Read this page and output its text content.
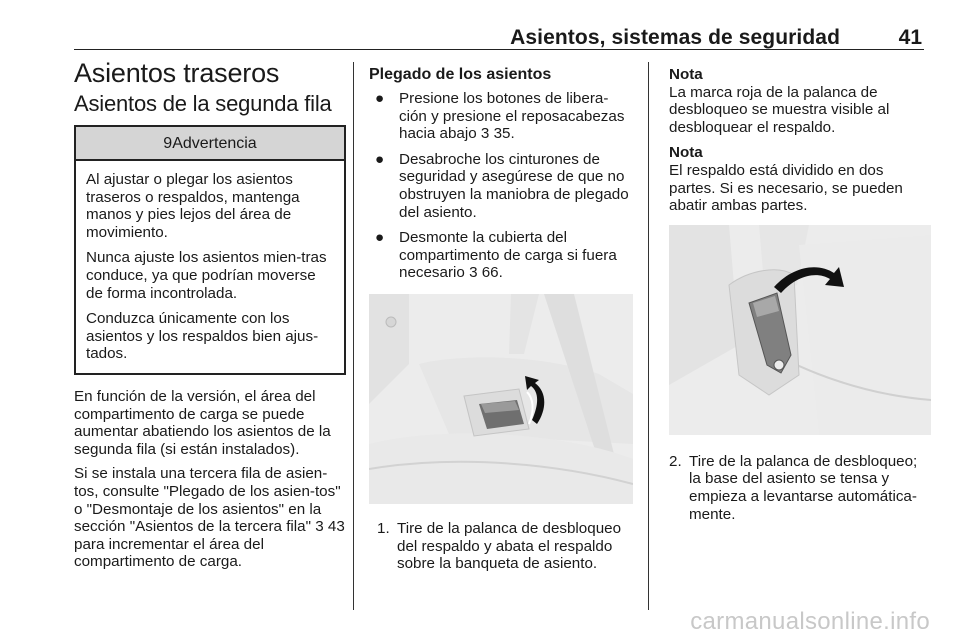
Asientos, sistemas de seguridad	41
Asientos traseros
Asientos de la segunda fila
9Advertencia

Al ajustar o plegar los asientos traseros o respaldos, mantenga manos y pies lejos del área de movimiento.

Nunca ajuste los asientos mien-tras conduce, ya que podrían moverse de forma incontrolada.

Conduzca únicamente con los asientos y los respaldos bien ajus-tados.

En función de la versión, el área del compartimento de carga se puede aumentar abatiendo los asientos de la segunda fila (si están instalados).

Si se instala una tercera fila de asien-tos, consulte "Plegado de los asien-tos" o "Desmontaje de los asientos" en la sección "Asientos de la tercera fila" 3 43 para incrementar el área del compartimento de carga.

Plegado de los asientos
● Presione los botones de libera-ción y presione el reposacabezas hacia abajo 3 35.
● Desabroche los cinturones de seguridad y asegúrese de que no obstruyen la maniobra de plegado del asiento.
● Desmonte la cubierta del compartimento de carga si fuera necesario 3 66.
1. Tire de la palanca de desbloqueo del respaldo y abata el respaldo sobre la banqueta de asiento.

Nota

La marca roja de la palanca de desbloqueo se muestra visible al desbloquear el respaldo.

Nota

El respaldo está dividido en dos partes. Si es necesario, se pueden abatir ambas partes.

2. Tire de la palanca de desbloqueo; la base del asiento se tensa y empieza a levantarse automática-mente.
carmanualsonline.info
